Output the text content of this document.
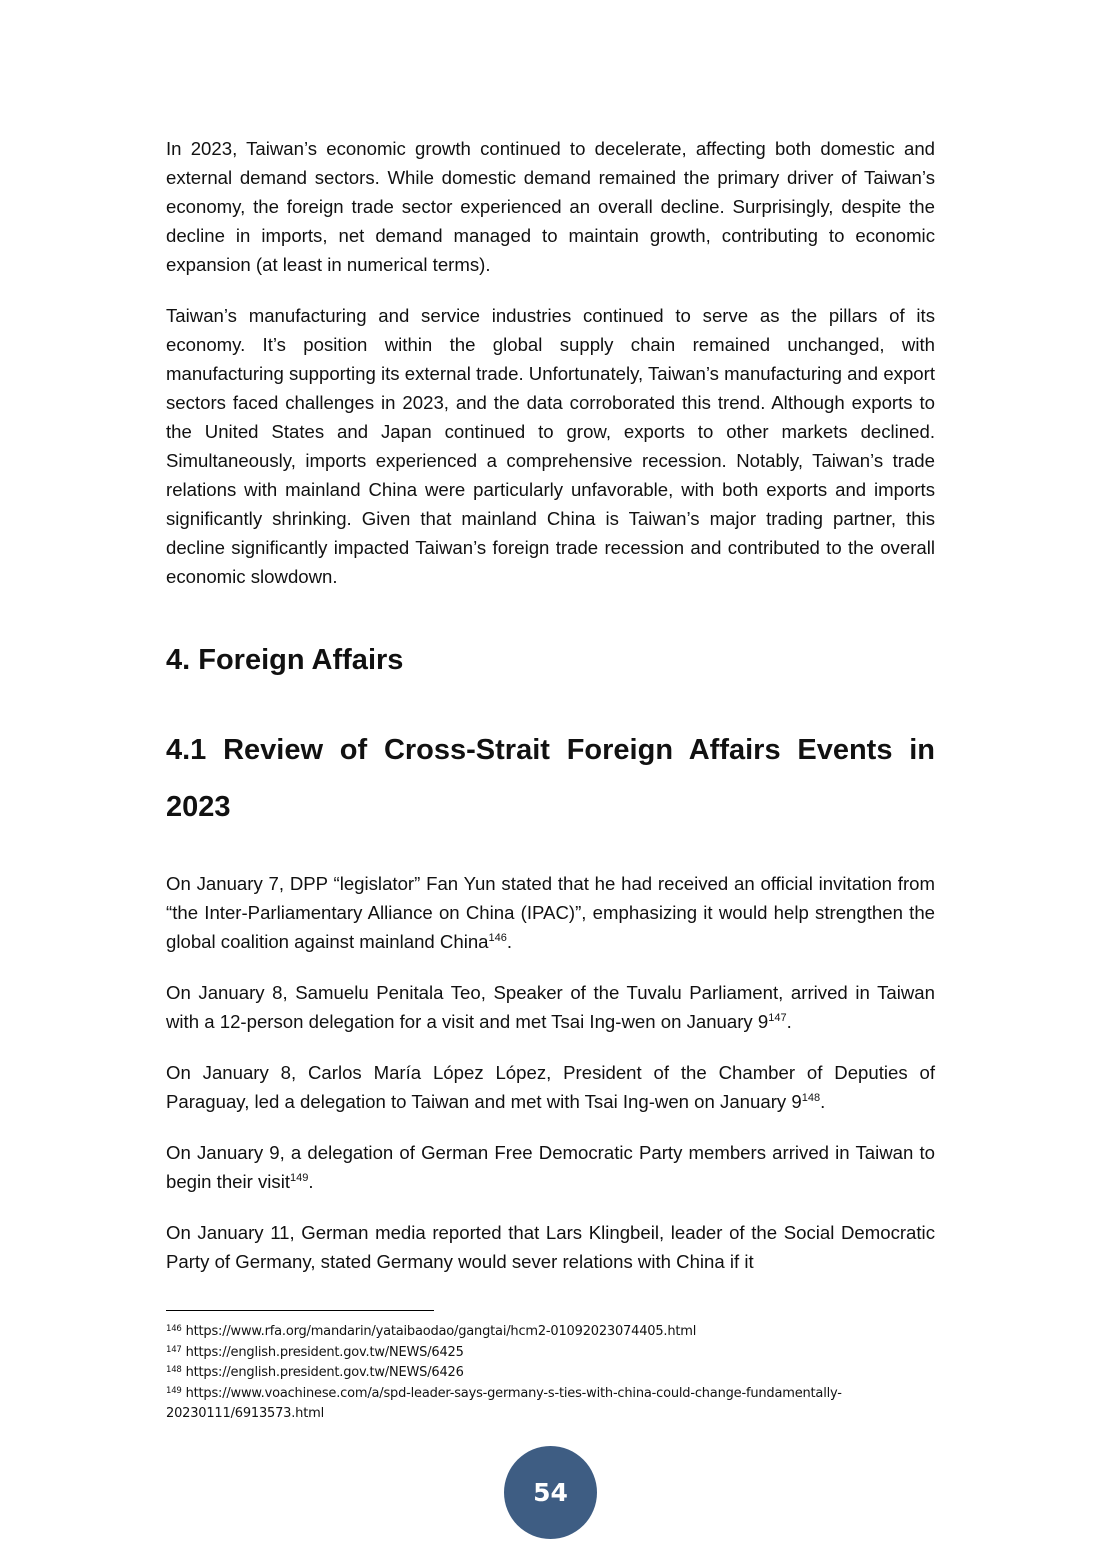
In 2023, Taiwan’s economic growth continued to decelerate, affecting both domestic and external demand sectors. While domestic demand remained the primary driver of Taiwan’s economy, the foreign trade sector experienced an overall decline. Surprisingly, despite the decline in imports, net demand managed to maintain growth, contributing to economic expansion (at least in numerical terms).

Taiwan’s manufacturing and service industries continued to serve as the pillars of its economy. It’s position within the global supply chain remained unchanged, with manufacturing supporting its external trade. Unfortunately, Taiwan’s manufacturing and export sectors faced challenges in 2023, and the data corroborated this trend. Although exports to the United States and Japan continued to grow, exports to other markets declined. Simultaneously, imports experienced a comprehensive recession. Notably, Taiwan’s trade relations with mainland China were particularly unfavorable, with both exports and imports significantly shrinking. Given that mainland China is Taiwan’s major trading partner, this decline significantly impacted Taiwan’s foreign trade recession and contributed to the overall economic slowdown.

4. Foreign Affairs
4.1 Review of Cross-Strait Foreign Affairs Events in 2023

On January 7, DPP “legislator” Fan Yun stated that he had received an official invitation from “the Inter-Parliamentary Alliance on China (IPAC)”, emphasizing it would help strengthen the global coalition against mainland China$^{146}$.

On January 8, Samuelu Penitala Teo, Speaker of the Tuvalu Parliament, arrived in Taiwan with a 12-person delegation for a visit and met Tsai Ing-wen on January $9^{147}$.

On January 8, Carlos María López López, President of the Chamber of Deputies of Paraguay, led a delegation to Taiwan and met with Tsai Ing-wen on January $9^{148}$.

On January 9, a delegation of German Free Democratic Party members arrived in Taiwan to begin their visit$^{149}$.

On January 11, German media reported that Lars Klingbeil, leader of the Social Democratic Party of Germany, stated Germany would sever relations with China if it

$^{146}$ https://www.rfa.org/mandarin/yataibaodao/gangtai/hcm2-01092023074405.html

$^{147}$ https://english.president.gov.tw/NEWS/6425

$^{148}$ https://english.president.gov.tw/NEWS/6426

$^{149}$ https://www.voachinese.com/a/spd-leader-says-germany-s-ties-with-china-could-change-fundamentally-20230111/6913573.html

54
